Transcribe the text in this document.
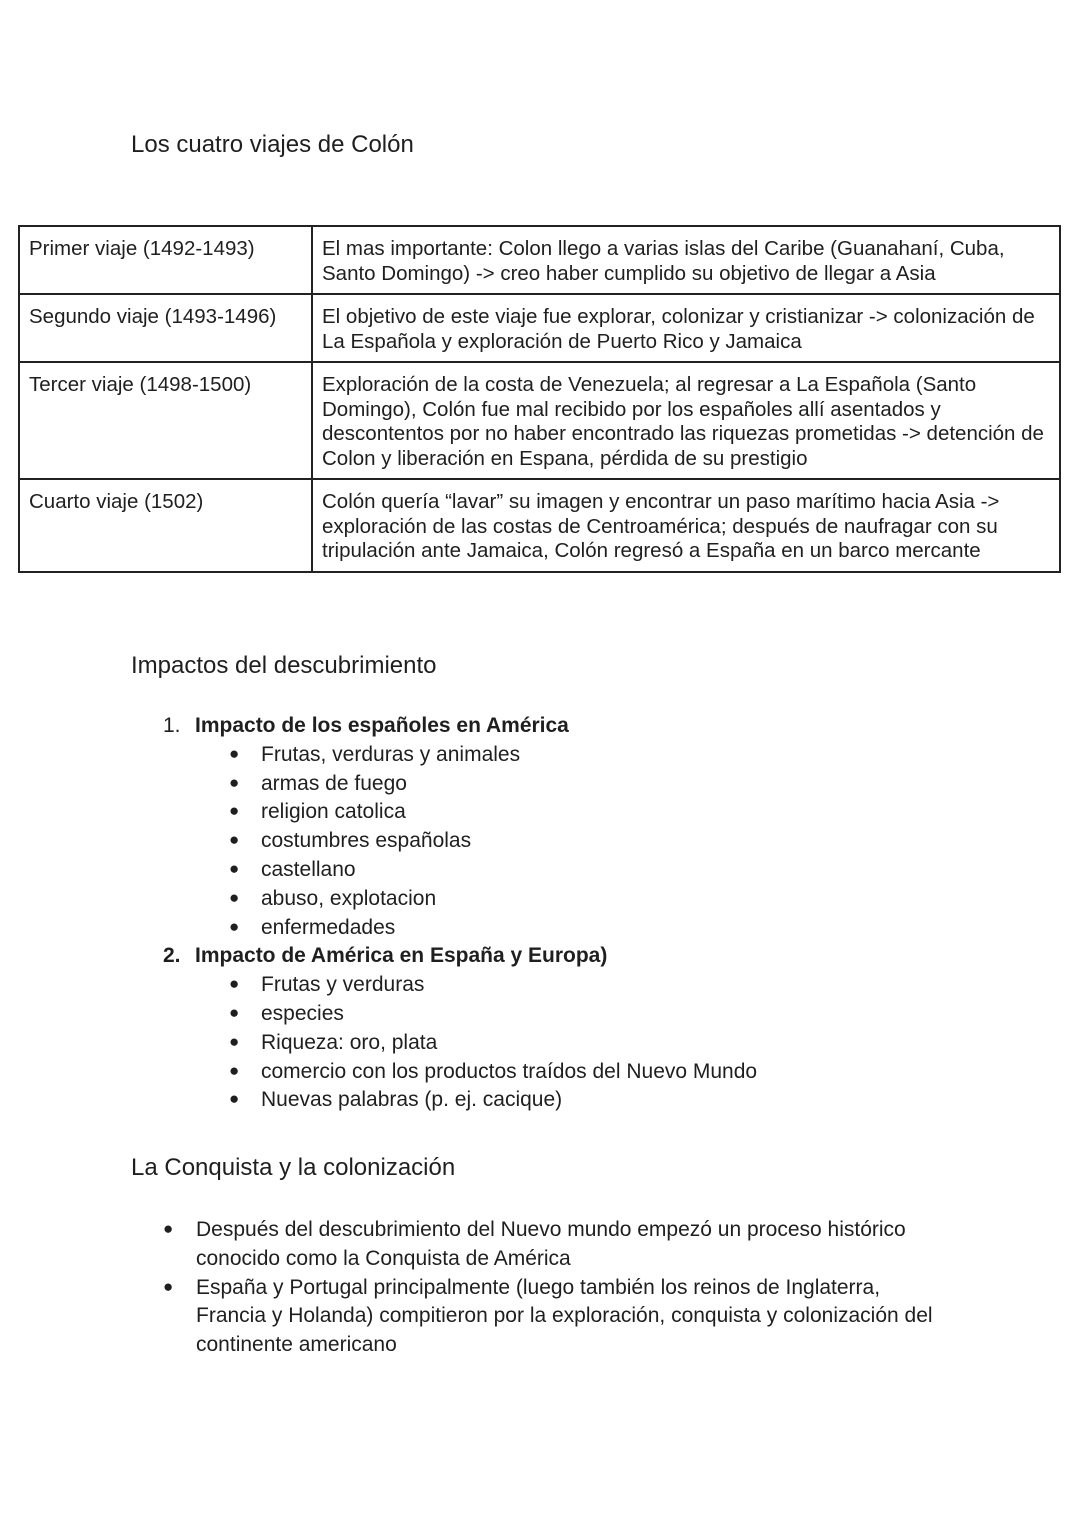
Los cuatro viajes de Colón
Primer viaje (1492-1493)	El mas importante: Colon llego a varias islas del Caribe (Guanahaní, Cuba, Santo Domingo) -> creo haber cumplido su objetivo de llegar a Asia
Segundo viaje (1493-1496)	El objetivo de este viaje fue explorar, colonizar y cristianizar -> colonización de La Española y exploración de Puerto Rico y Jamaica
Tercer viaje (1498-1500)	Exploración de la costa de Venezuela; al regresar a La Española (Santo Domingo), Colón fue mal recibido por los españoles allí asentados y descontentos por no haber encontrado las riquezas prometidas -> detención de Colon y liberación en Espana, pérdida de su prestigio
Cuarto viaje (1502)	Colón quería “lavar” su imagen y encontrar un paso marítimo hacia Asia -> exploración de las costas de Centroamérica; después de naufragar con su tripulación ante Jamaica, Colón regresó a España en un barco mercante
Impactos del descubrimiento
1. Impacto de los españoles en América
●
Frutas, verduras y animales
●
armas de fuego
●
religion catolica
●
costumbres españolas
●
castellano
●
abuso, explotacion
●
enfermedades
2. Impacto de América en España y Europa)
●
Frutas y verduras
●
especies
●
Riqueza: oro, plata
●
comercio con los productos traídos del Nuevo Mundo
●
Nuevas palabras (p. ej. cacique)
La Conquista y la colonización
●
Después del descubrimiento del Nuevo mundo empezó un proceso histórico conocido como la Conquista de América
●
España y Portugal principalmente (luego también los reinos de Inglaterra, Francia y Holanda) compitieron por la exploración, conquista y colonización del continente americano
